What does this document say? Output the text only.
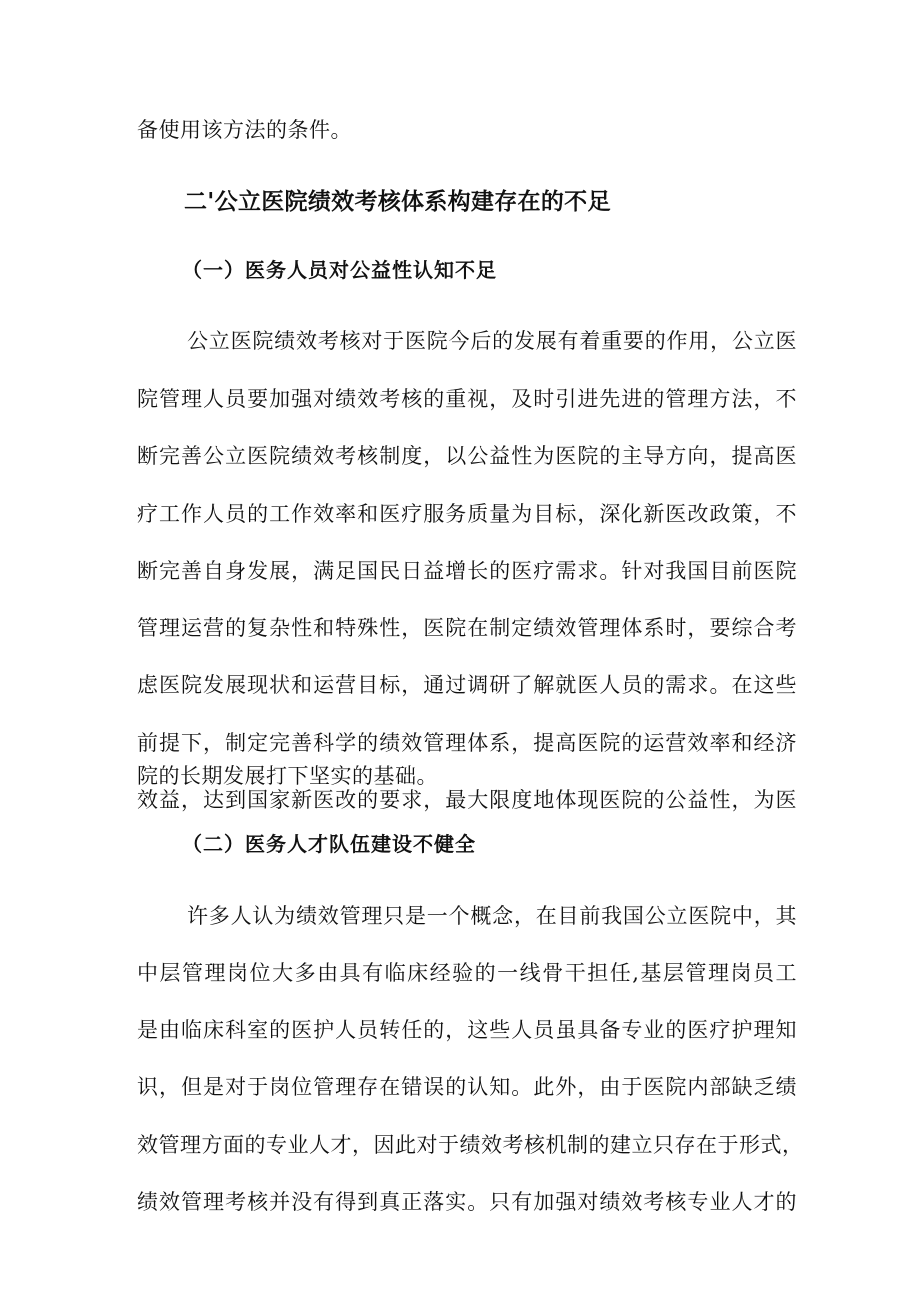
备使用该方法的条件。
二'公立医院绩效考核体系构建存在的不足
（一）医务人员对公益性认知不足
公立医院绩效考核对于医院今后的发展有着重要的作用，公立医
院管理人员要加强对绩效考核的重视，及时引进先进的管理方法，不
断完善公立医院绩效考核制度，以公益性为医院的主导方向，提高医
疗工作人员的工作效率和医疗服务质量为目标，深化新医改政策，不
断完善自身发展，满足国民日益增长的医疗需求。针对我国目前医院
管理运营的复杂性和特殊性，医院在制定绩效管理体系时，要综合考
虑医院发展现状和运营目标，通过调研了解就医人员的需求。在这些
前提下，制定完善科学的绩效管理体系，提高医院的运营效率和经济
效益，达到国家新医改的要求，最大限度地体现医院的公益性，为医
院的长期发展打下坚实的基础。
（二）医务人才队伍建设不健全
许多人认为绩效管理只是一个概念，在目前我国公立医院中，其
中层管理岗位大多由具有临床经验的一线骨干担任,基层管理岗员工
是由临床科室的医护人员转任的，这些人员虽具备专业的医疗护理知
识，但是对于岗位管理存在错误的认知。此外，由于医院内部缺乏绩
效管理方面的专业人才，因此对于绩效考核机制的建立只存在于形式，
绩效管理考核并没有得到真正落实。只有加强对绩效考核专业人才的
